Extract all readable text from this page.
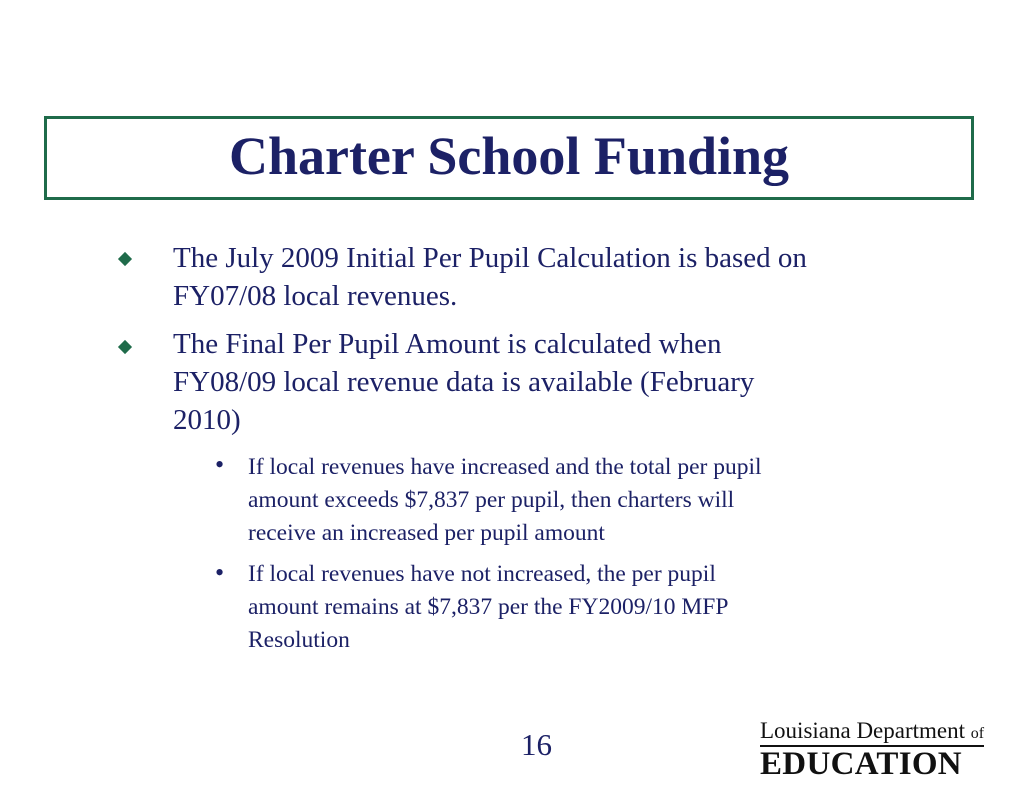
Charter School Funding
The July 2009 Initial Per Pupil Calculation is based on
FY07/08 local revenues.
The Final Per Pupil Amount is calculated when
FY08/09 local revenue data is available (February
2010)
• If local revenues have increased and the total per pupil
amount exceeds $7,837 per pupil, then charters will
receive an increased per pupil amount
• If local revenues have not increased, the per pupil
amount remains at $7,837 per the FY2009/10 MFP
Resolution
16	Louisiana Department of
EDUCATION
